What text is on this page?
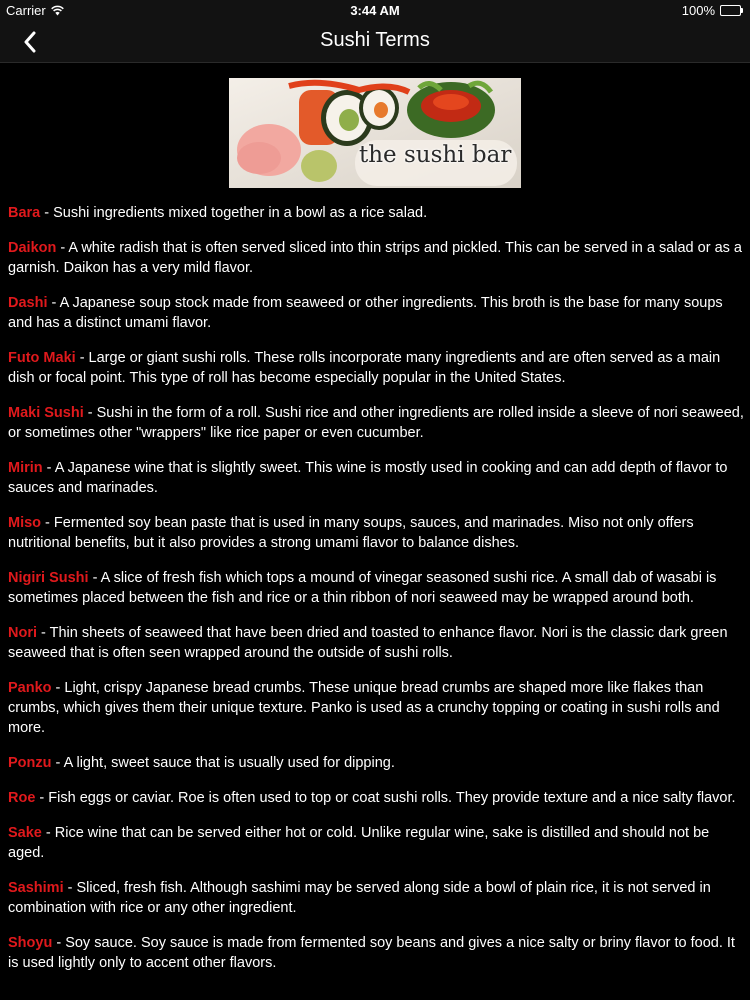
Carrier	3:44 AM	100%
Sushi Terms
the sushi bar

Bara - Sushi ingredients mixed together in a bowl as a rice salad.

Daikon - A white radish that is often served sliced into thin strips and pickled. This can be served in a salad or as a garnish. Daikon has a very mild flavor.

Dashi - A Japanese soup stock made from seaweed or other ingredients. This broth is the base for many soups and has a distinct umami flavor.

Futo Maki - Large or giant sushi rolls. These rolls incorporate many ingredients and are often served as a main dish or focal point. This type of roll has become especially popular in the United States.

Maki Sushi - Sushi in the form of a roll. Sushi rice and other ingredients are rolled inside a sleeve of nori seaweed, or sometimes other "wrappers" like rice paper or even cucumber.

Mirin - A Japanese wine that is slightly sweet. This wine is mostly used in cooking and can add depth of flavor to sauces and marinades.

Miso - Fermented soy bean paste that is used in many soups, sauces, and marinades. Miso not only offers nutritional benefits, but it also provides a strong umami flavor to balance dishes.

Nigiri Sushi - A slice of fresh fish which tops a mound of vinegar seasoned sushi rice. A small dab of wasabi is sometimes placed between the fish and rice or a thin ribbon of nori seaweed may be wrapped around both.

Nori - Thin sheets of seaweed that have been dried and toasted to enhance flavor. Nori is the classic dark green seaweed that is often seen wrapped around the outside of sushi rolls.

Panko - Light, crispy Japanese bread crumbs. These unique bread crumbs are shaped more like flakes than crumbs, which gives them their unique texture. Panko is used as a crunchy topping or coating in sushi rolls and more.

Ponzu - A light, sweet sauce that is usually used for dipping.

Roe - Fish eggs or caviar. Roe is often used to top or coat sushi rolls. They provide texture and a nice salty flavor.

Sake - Rice wine that can be served either hot or cold. Unlike regular wine, sake is distilled and should not be aged.

Sashimi - Sliced, fresh fish. Although sashimi may be served along side a bowl of plain rice, it is not served in combination with rice or any other ingredient.

Shoyu - Soy sauce. Soy sauce is made from fermented soy beans and gives a nice salty or briny flavor to food. It is used lightly only to accent other flavors.
